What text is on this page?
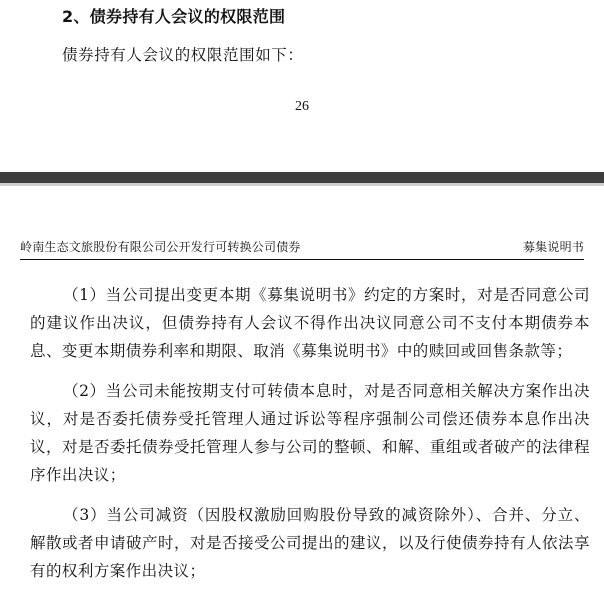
2、债券持有人会议的权限范围
债券持有人会议的权限范围如下：
26
岭南生态文旅股份有限公司公开发行可转换公司债券	募集说明书

（1）当公司提出变更本期《募集说明书》约定的方案时，对是否同意公司的建议作出决议，但债券持有人会议不得作出决议同意公司不支付本期债券本息、变更本期债券利率和期限、取消《募集说明书》中的赎回或回售条款等；

（2）当公司未能按期支付可转债本息时，对是否同意相关解决方案作出决议，对是否委托债券受托管理人通过诉讼等程序强制公司偿还债券本息作出决议，对是否委托债券受托管理人参与公司的整顿、和解、重组或者破产的法律程序作出决议；

（3）当公司减资（因股权激励回购股份导致的减资除外）、合并、分立、解散或者申请破产时，对是否接受公司提出的建议，以及行使债券持有人依法享有的权利方案作出决议；
